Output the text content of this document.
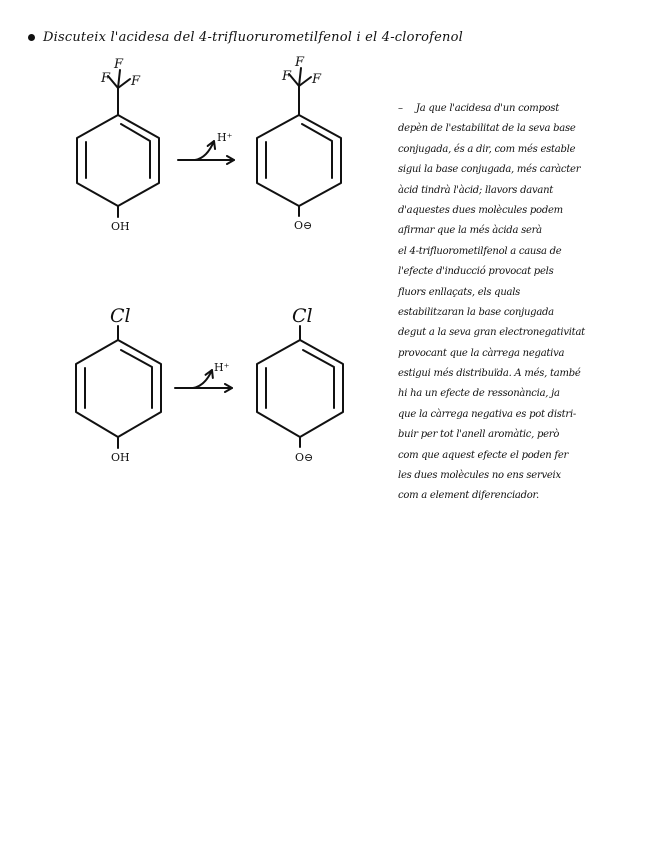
Discuteix l'acidesa del 4-trifluorurometilfenol i el 4-clorofenol
F
F
F
OH
H⁺
F
F
F
O⊖
Cl
OH
H⁺
Cl
O⊖
– Ja que l'acidesa d'un compost
depèn de l'estabilitat de la seva base
conjugada, és a dir, com més estable
sigui la base conjugada, més caràcter
àcid tindrà l'àcid; llavors davant
d'aquestes dues molècules podem
afirmar que la més àcida serà
el 4-trifluorometilfenol a causa de
l'efecte d'inducció provocat pels
fluors enllaçats, els quals
estabilitzaran la base conjugada
degut a la seva gran electronegativitat
provocant que la càrrega negativa
estigui més distribuïda. A més, també
hi ha un efecte de ressonància, ja
que la càrrega negativa es pot distri-
buir per tot l'anell aromàtic, però
com que aquest efecte el poden fer
les dues molècules no ens serveix
com a element diferenciador.
